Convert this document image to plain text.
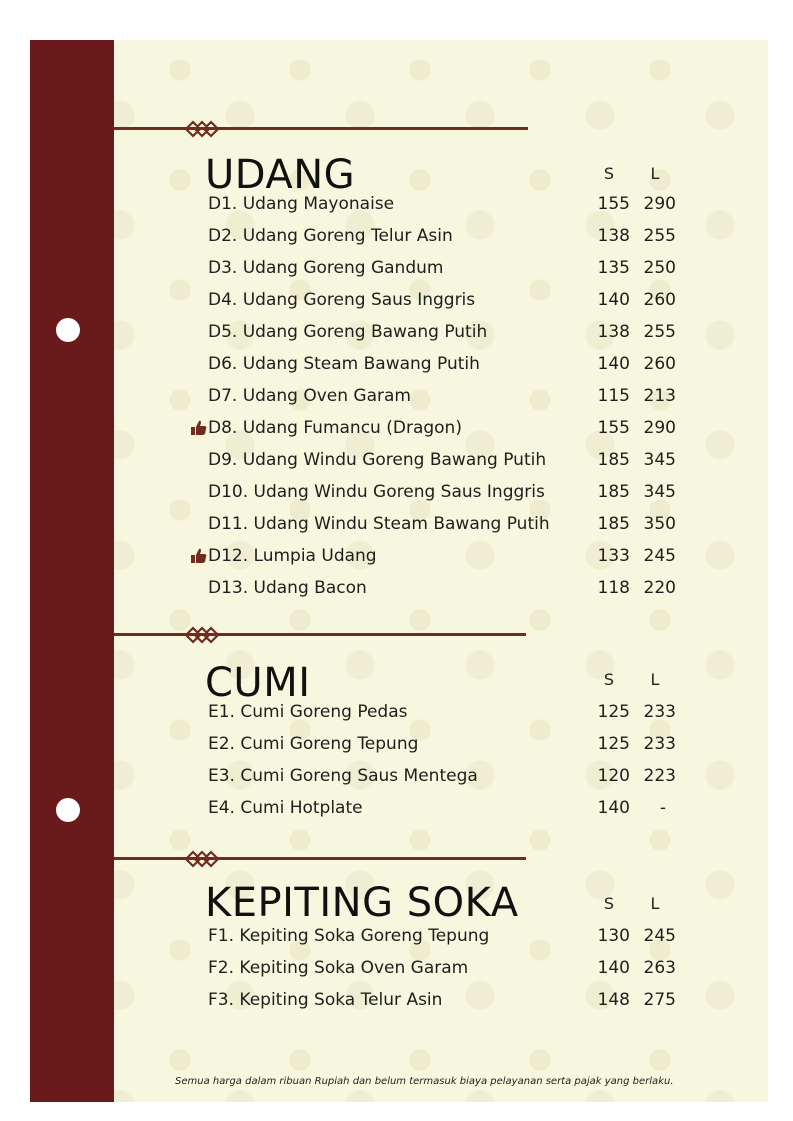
UDANG	S	L
D1. Udang Mayonaise	155 290
D2. Udang Goreng Telur Asin	138 255
D3. Udang Goreng Gandum	135 250
D4. Udang Goreng Saus Inggris	140 260
D5. Udang Goreng Bawang Putih	138 255
D6. Udang Steam Bawang Putih	140 260
D7. Udang Oven Garam	115 213
D8. Udang Fumancu (Dragon)	155 290
D9. Udang Windu Goreng Bawang Putih	185 345
D10. Udang Windu Goreng Saus Inggris	185 345
D11. Udang Windu Steam Bawang Putih	185 350
D12. Lumpia Udang	133 245
D13. Udang Bacon	118 220
CUMI	S	L
E1. Cumi Goreng Pedas	125 233
E2. Cumi Goreng Tepung	125 233
E3. Cumi Goreng Saus Mentega	120 223
E4. Cumi Hotplate	140	-
KEPITING SOKA	S	L
F1. Kepiting Soka Goreng Tepung	130 245
F2. Kepiting Soka Oven Garam	140 263
F3. Kepiting Soka Telur Asin	148 275
Semua harga dalam ribuan Rupiah dan belum termasuk biaya pelayanan serta pajak yang berlaku.
